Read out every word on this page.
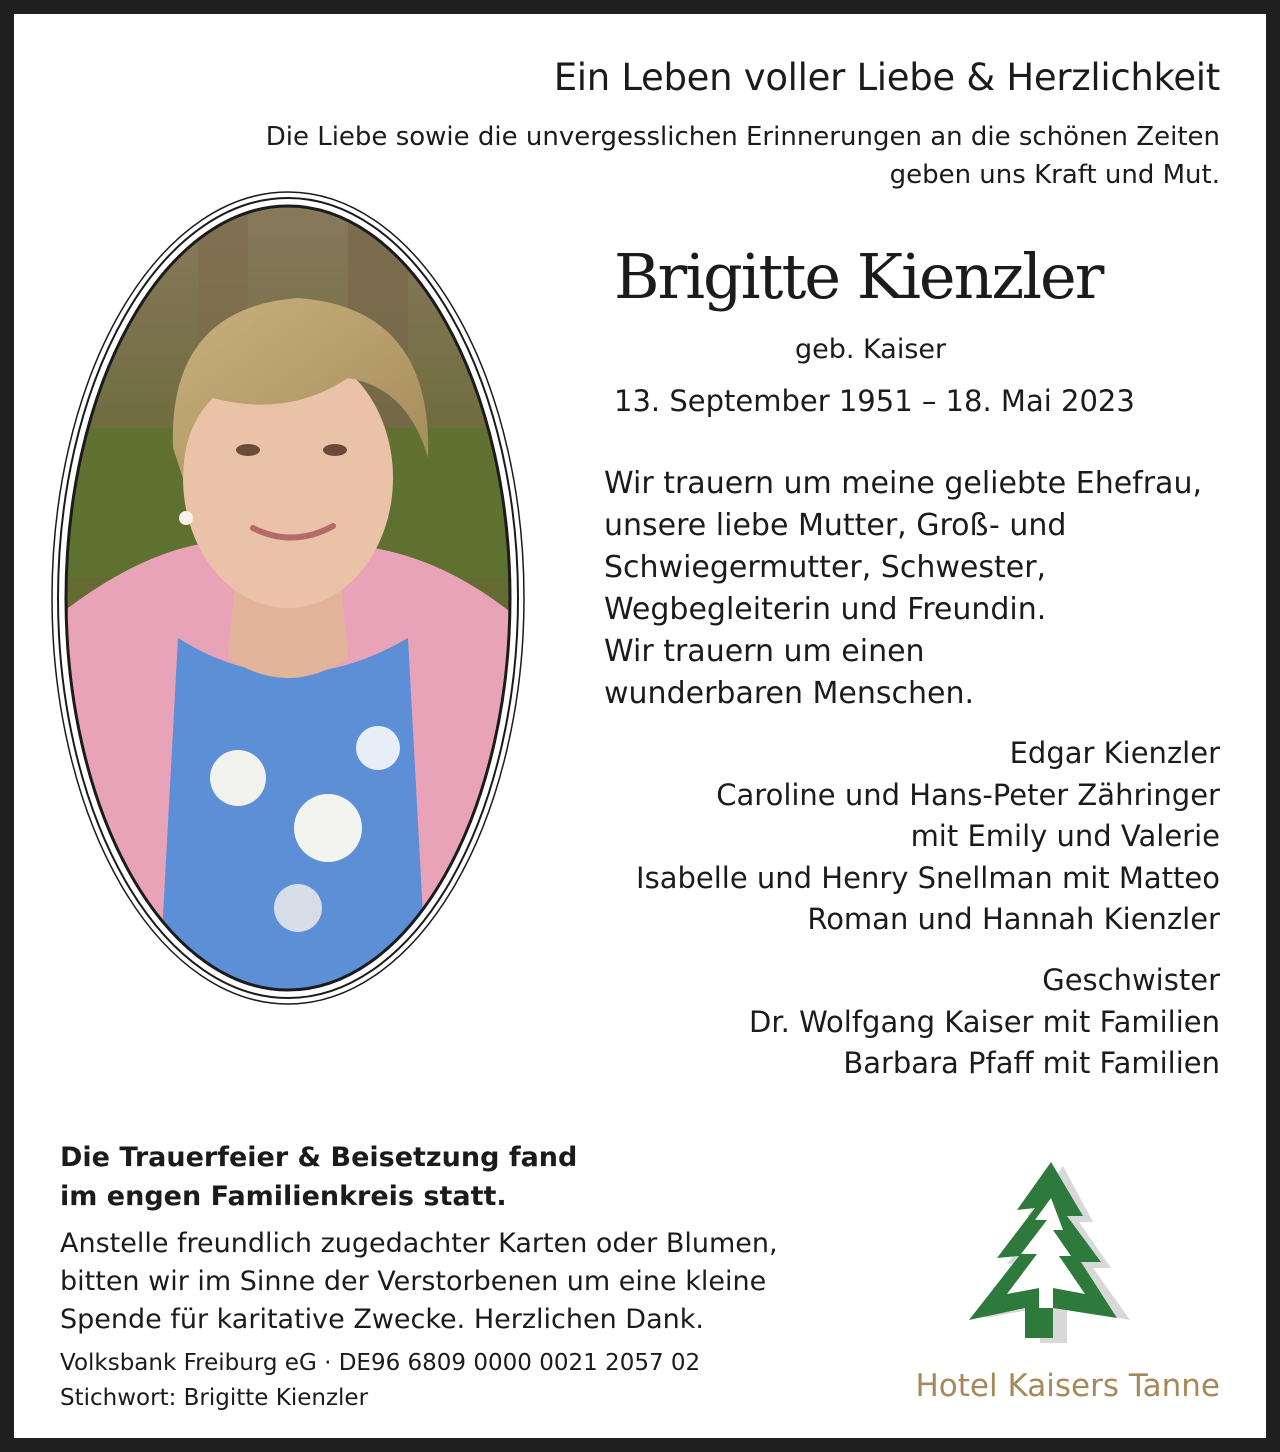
Ein Leben voller Liebe & Herzlichkeit
Die Liebe sowie die unvergesslichen Erinnerungen an die schönen Zeiten
geben uns Kraft und Mut.
Brigitte Kienzler
geb. Kaiser
13. September 1951 – 18. Mai 2023
Wir trauern um meine geliebte Ehefrau,
unsere liebe Mutter, Groß- und
Schwiegermutter, Schwester,
Wegbegleiterin und Freundin.
Wir trauern um einen
wunderbaren Menschen.
Edgar Kienzler
Caroline und Hans-Peter Zähringer
mit Emily und Valerie
Isabelle und Henry Snellman mit Matteo
Roman und Hannah Kienzler
Geschwister
Dr. Wolfgang Kaiser mit Familien
Barbara Pfaff mit Familien
Die Trauerfeier & Beisetzung fand
im engen Familienkreis statt.
Anstelle freundlich zugedachter Karten oder Blumen,
bitten wir im Sinne der Verstorbenen um eine kleine
Spende für karitative Zwecke. Herzlichen Dank.
Volksbank Freiburg eG · DE96 6809 0000 0021 2057 02
Stichwort: Brigitte Kienzler	Hotel Kaisers Tanne
